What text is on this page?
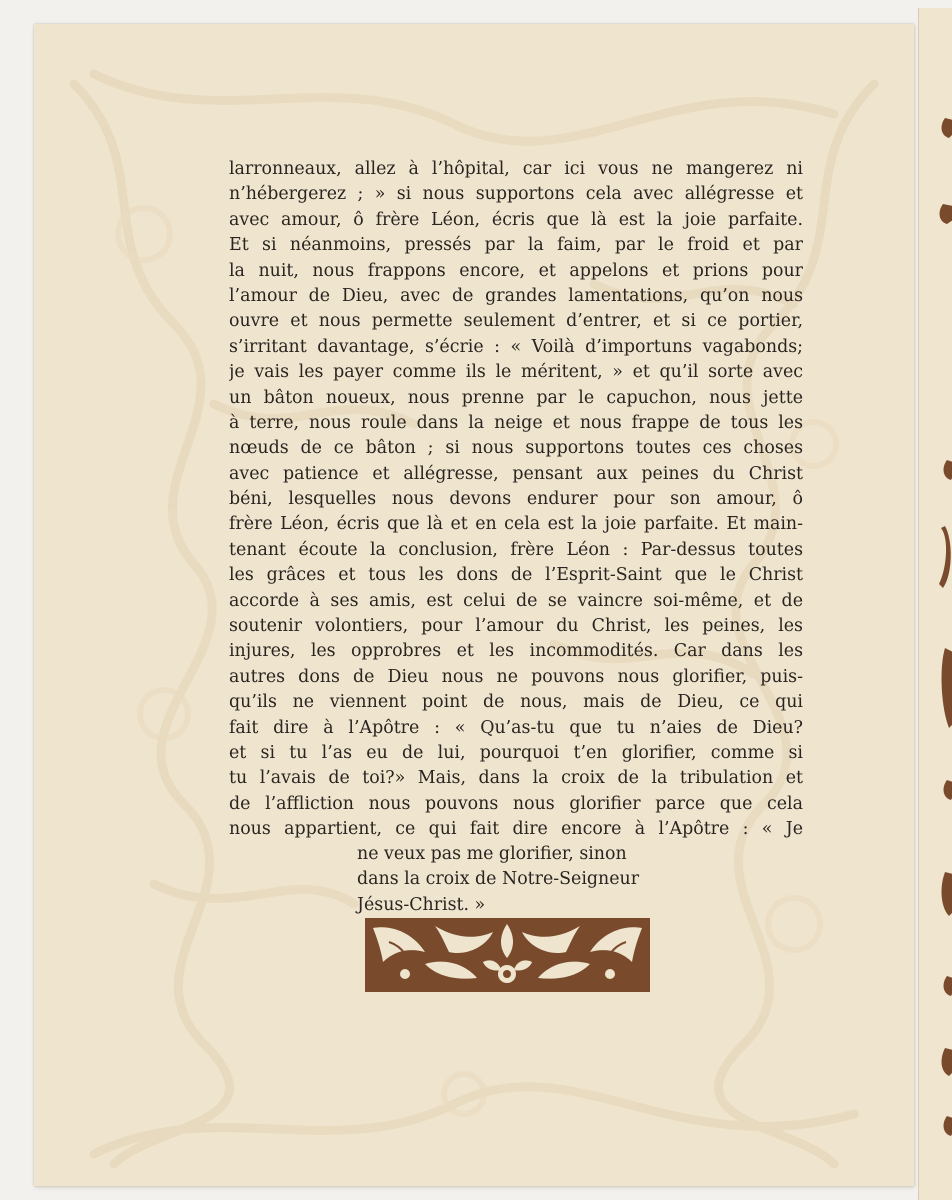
larronneaux, allez à l’hôpital, car ici vous ne mangerez ni
n’hébergerez ; » si nous supportons cela avec allégresse et
avec amour, ô frère Léon, écris que là est la joie parfaite.
Et si néanmoins, pressés par la faim, par le froid et par
la nuit, nous frappons encore, et appelons et prions pour
l’amour de Dieu, avec de grandes lamentations, qu’on nous
ouvre et nous permette seulement d’entrer, et si ce portier,
s’irritant davantage, s’écrie : « Voilà d’importuns vagabonds;
je vais les payer comme ils le méritent, » et qu’il sorte avec
un bâton noueux, nous prenne par le capuchon, nous jette
à terre, nous roule dans la neige et nous frappe de tous les
nœuds de ce bâton ; si nous supportons toutes ces choses
avec patience et allégresse, pensant aux peines du Christ
béni, lesquelles nous devons endurer pour son amour, ô
frère Léon, écris que là et en cela est la joie parfaite. Et main-
tenant écoute la conclusion, frère Léon : Par-dessus toutes
les grâces et tous les dons de l’Esprit-Saint que le Christ
accorde à ses amis, est celui de se vaincre soi-même, et de
soutenir volontiers, pour l’amour du Christ, les peines, les
injures, les opprobres et les incommodités. Car dans les
autres dons de Dieu nous ne pouvons nous glorifier, puis-
qu’ils ne viennent point de nous, mais de Dieu, ce qui
fait dire à l’Apôtre : « Qu’as-tu que tu n’aies de Dieu?
et si tu l’as eu de lui, pourquoi t’en glorifier, comme si
tu l’avais de toi?» Mais, dans la croix de la tribulation et
de l’affliction nous pouvons nous glorifier parce que cela
nous appartient, ce qui fait dire encore à l’Apôtre : « Je
ne veux pas me glorifier, sinon
dans la croix de Notre-Seigneur
Jésus-Christ. »
